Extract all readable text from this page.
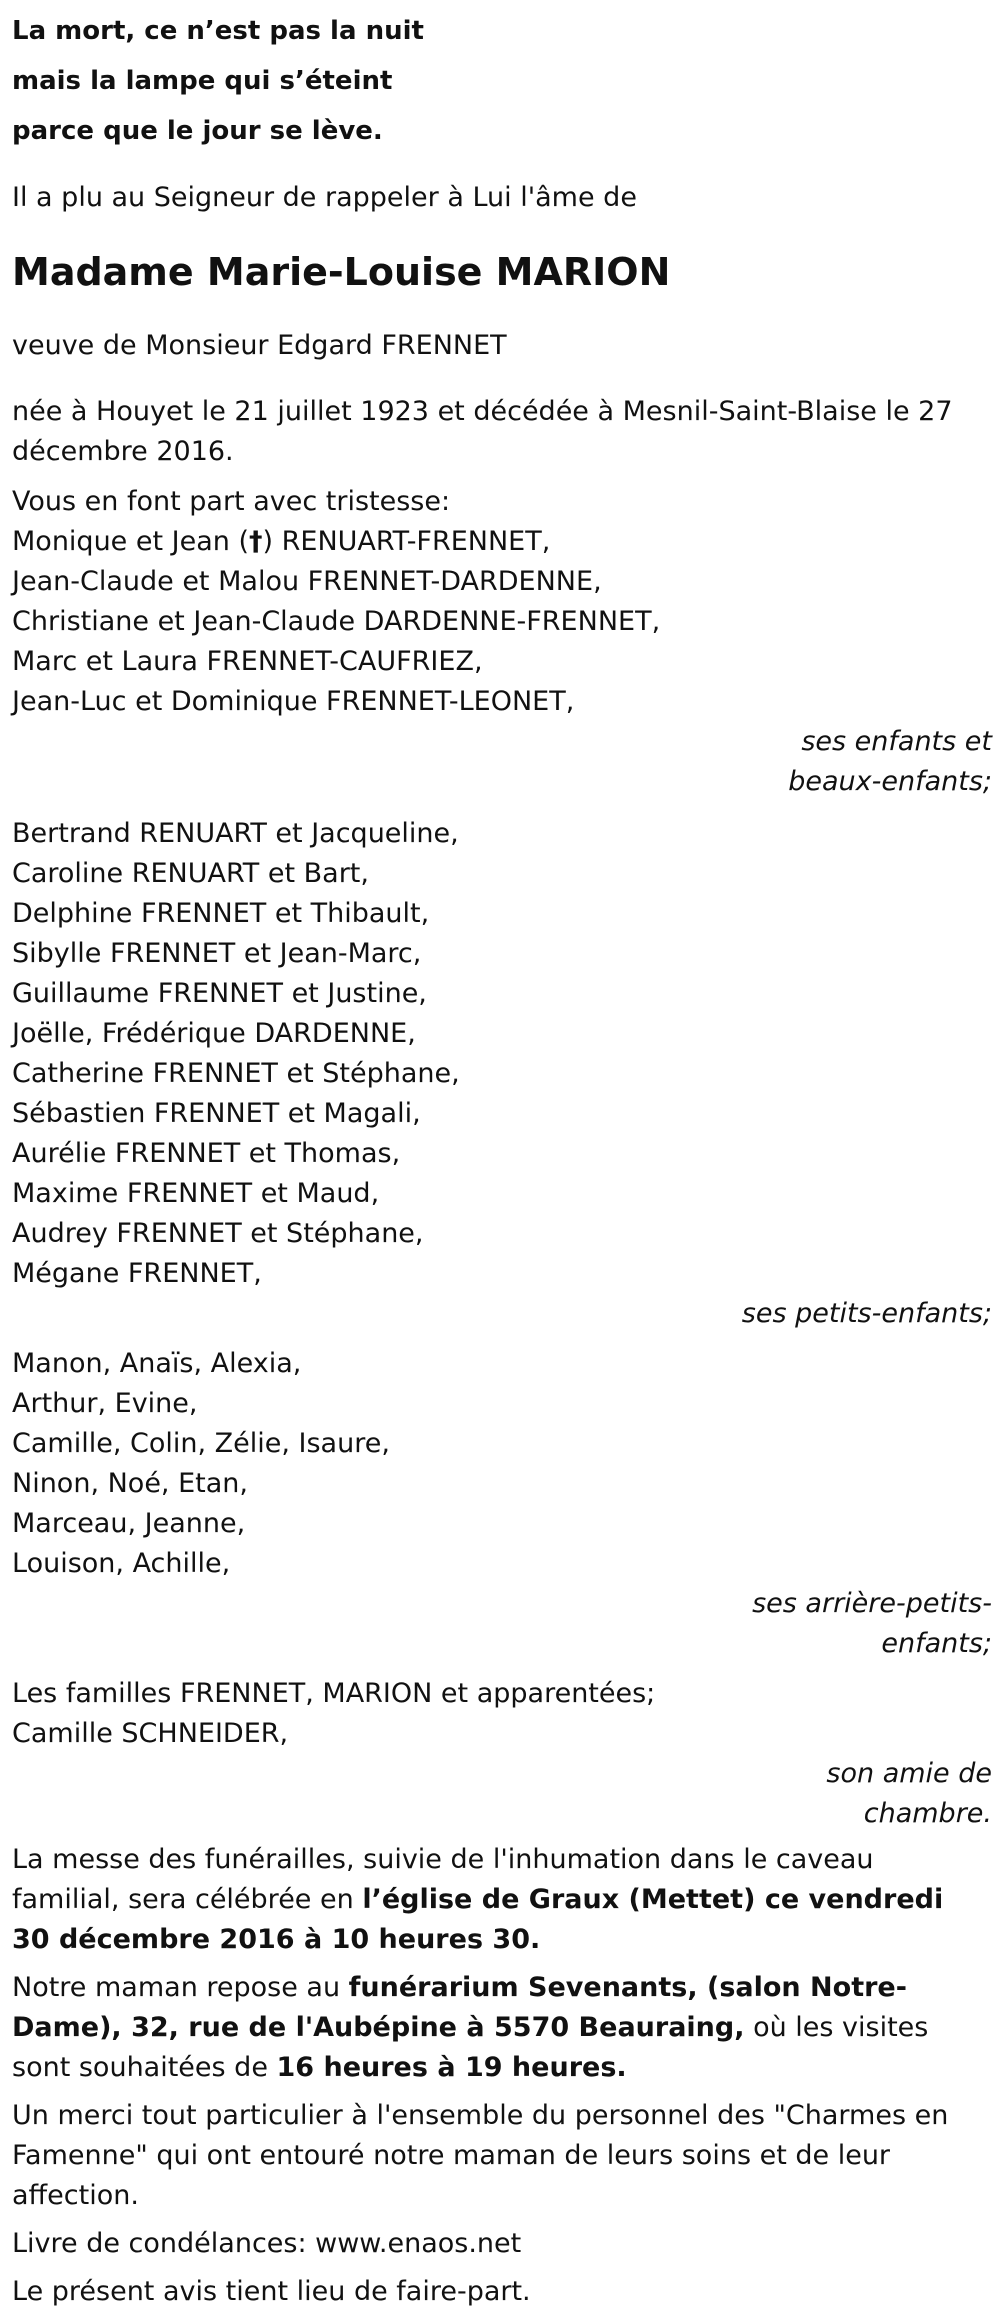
La mort, ce n’est pas la nuit
mais la lampe qui s’éteint
parce que le jour se lève.
Il a plu au Seigneur de rappeler à Lui l'âme de
Madame Marie-Louise MARION
veuve de Monsieur Edgard FRENNET
née à Houyet le 21 juillet 1923 et décédée à Mesnil-Saint-Blaise le 27 décembre 2016.
Vous en font part avec tristesse:
Monique et Jean (†) RENUART-FRENNET,
Jean-Claude et Malou FRENNET-DARDENNE,
Christiane et Jean-Claude DARDENNE-FRENNET,
Marc et Laura FRENNET-CAUFRIEZ,
Jean-Luc et Dominique FRENNET-LEONET,
ses enfants et
beaux-enfants;
Bertrand RENUART et Jacqueline,
Caroline RENUART et Bart,
Delphine FRENNET et Thibault,
Sibylle FRENNET et Jean-Marc,
Guillaume FRENNET et Justine,
Joëlle, Frédérique DARDENNE,
Catherine FRENNET et Stéphane,
Sébastien FRENNET et Magali,
Aurélie FRENNET et Thomas,
Maxime FRENNET et Maud,
Audrey FRENNET et Stéphane,
Mégane FRENNET,
ses petits-enfants;
Manon, Anaïs, Alexia,
Arthur, Evine,
Camille, Colin, Zélie, Isaure,
Ninon, Noé, Etan,
Marceau, Jeanne,
Louison, Achille,
ses arrière-petits-
enfants;
Les familles FRENNET, MARION et apparentées;
Camille SCHNEIDER,
son amie de
chambre.
La messe des funérailles, suivie de l'inhumation dans le caveau familial, sera célébrée en l’église de Graux (Mettet) ce vendredi 30 décembre 2016 à 10 heures 30.
Notre maman repose au funérarium Sevenants, (salon Notre-Dame), 32, rue de l'Aubépine à 5570 Beauraing, où les visites sont souhaitées de 16 heures à 19 heures.
Un merci tout particulier à l'ensemble du personnel des "Charmes en Famenne" qui ont entouré notre maman de leurs soins et de leur affection.
Livre de condélances: www.enaos.net
Le présent avis tient lieu de faire-part.
